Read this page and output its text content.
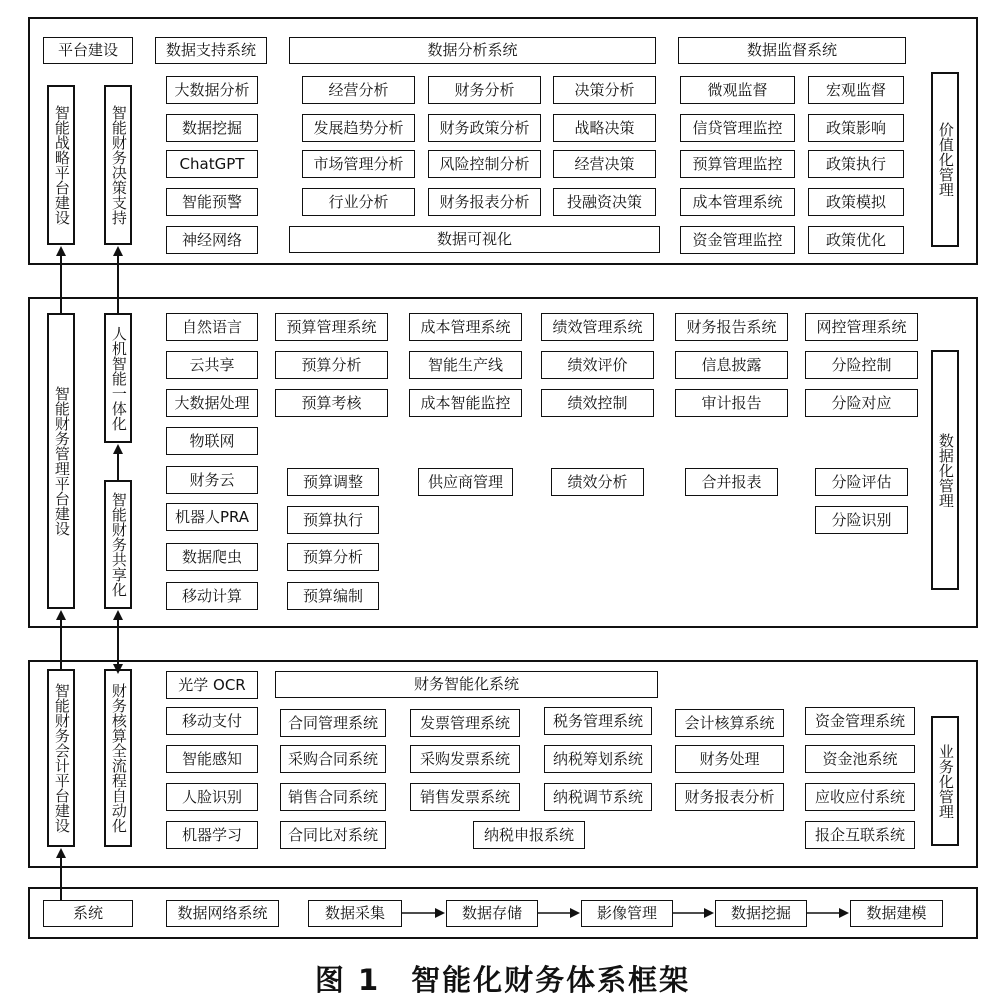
平台建设	数据支持系统	数据分析系统	数据监督系统
智能战略平台建设	智能财务决策支持
大数据分析
数据挖掘
ChatGPT
智能预警
神经网络
经营分析
发展趋势分析
市场管理分析
行业分析
财务分析
财务政策分析
风险控制分析
财务报表分析
决策分析
战略决策
经营决策
投融资决策
数据可视化
微观监督
信贷管理监控
预算管理监控
成本管理系统
资金管理监控
宏观监督
政策影响
政策执行
政策模拟
政策优化
价值化管理
智能财务管理平台建设
人机智能一体化
智能财务共享化
自然语言
云共享
大数据处理
物联网
财务云
机器人PRA
数据爬虫
移动计算
预算管理系统
预算分析
预算考核
预算调整
预算执行
预算分析
预算编制
成本管理系统
智能生产线
成本智能监控
供应商管理
绩效管理系统
绩效评价
绩效控制
绩效分析
财务报告系统
信息披露
审计报告
合并报表
网控管理系统
分险控制
分险对应
分险评估
分险识别
数据化管理
智能财务会计平台建设	财务核算全流程自动化	光学 OCR
移动支付
智能感知
人脸识别
机器学习
财务智能化系统
合同管理系统
采购合同系统
销售合同系统
合同比对系统
发票管理系统
采购发票系统
销售发票系统
税务管理系统
纳税筹划系统
纳税调节系统
纳税申报系统
会计核算系统
财务处理
财务报表分析
资金管理系统
资金池系统
应收应付系统
报企互联系统
业务化管理
系统	数据网络系统	数据采集	数据存储	影像管理	数据挖掘	数据建模
图 1　智能化财务体系框架
